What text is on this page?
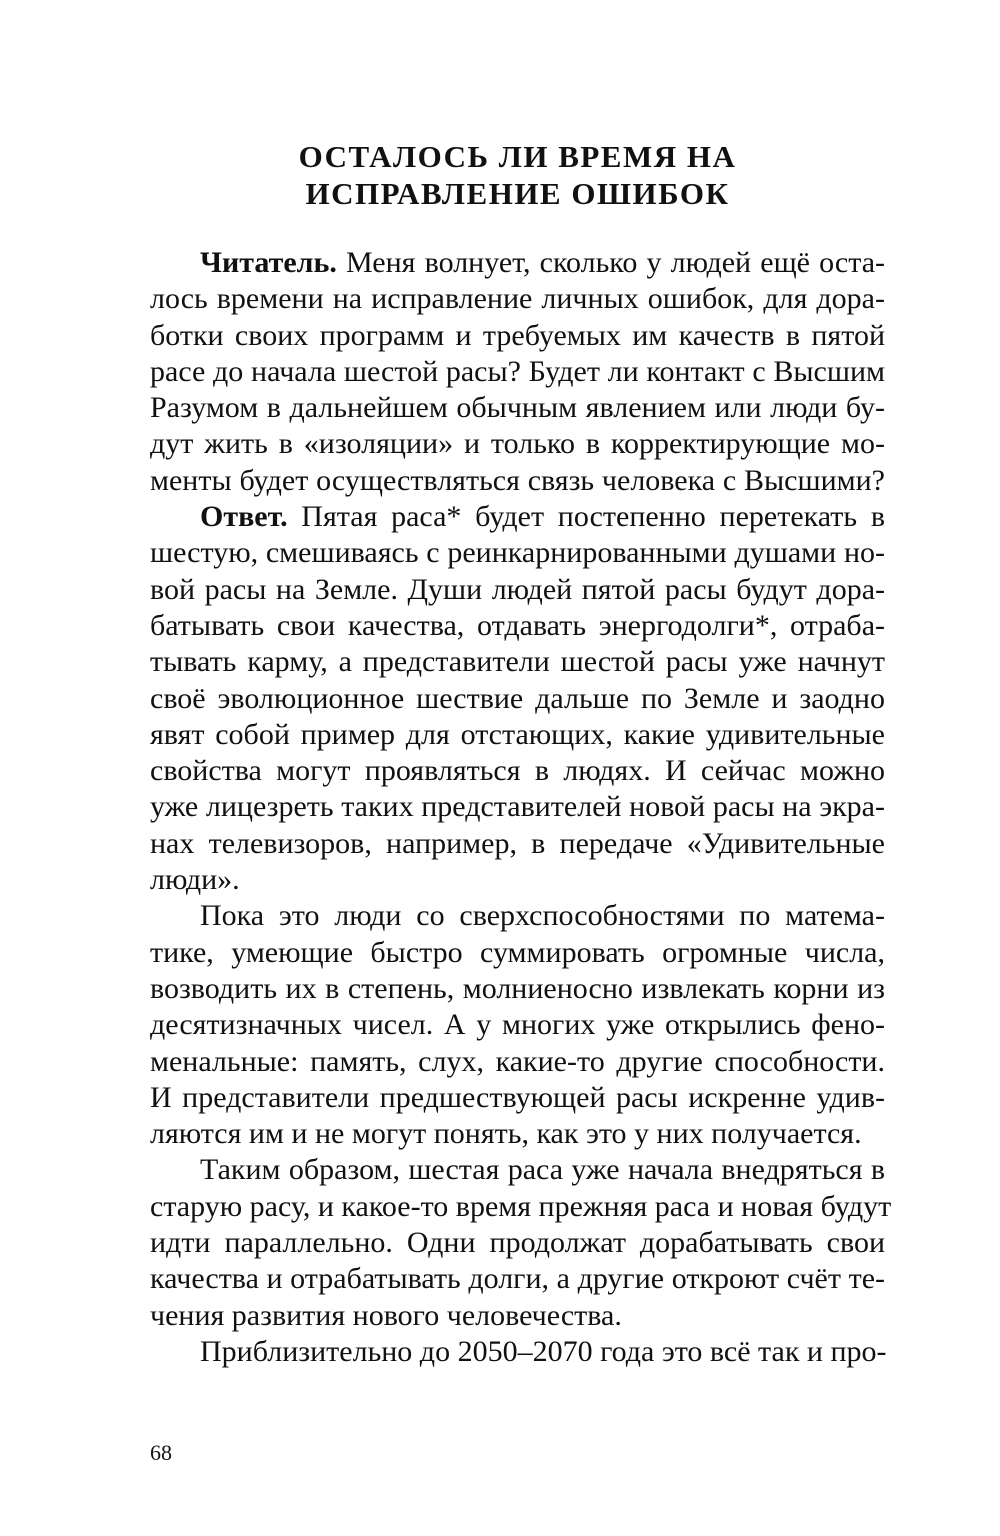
ОСТАЛОСЬ ЛИ ВРЕМЯ НА
ИСПРАВЛЕНИЕ ОШИБОК
Читатель. Меня волнует, сколько у людей ещё оста-
лось времени на исправление личных ошибок, для дора-
ботки своих программ и требуемых им качеств в пятой
расе до начала шестой расы? Будет ли контакт с Высшим
Разумом в дальнейшем обычным явлением или люди бу-
дут жить в «изоляции» и только в корректирующие мо-
менты будет осуществляться связь человека с Высшими?
Ответ. Пятая раса* будет постепенно перетекать в
шестую, смешиваясь с реинкарнированными душами но-
вой расы на Земле. Души людей пятой расы будут дора-
батывать свои качества, отдавать энергодолги*, отраба-
тывать карму, а представители шестой расы уже начнут
своё эволюционное шествие дальше по Земле и заодно
явят собой пример для отстающих, какие удивительные
свойства могут проявляться в людях. И сейчас можно
уже лицезреть таких представителей новой расы на экра-
нах телевизоров, например, в передаче «Удивительные
люди».
Пока это люди со сверхспособностями по матема-
тике, умеющие быстро суммировать огромные числа,
возводить их в степень, молниеносно извлекать корни из
десятизначных чисел. А у многих уже открылись фено-
менальные: память, слух, какие-то другие способности.
И представители предшествующей расы искренне удив-
ляются им и не могут понять, как это у них получается.
Таким образом, шестая раса уже начала внедряться в
старую расу, и какое-то время прежняя раса и новая будут
идти параллельно. Одни продолжат дорабатывать свои
качества и отрабатывать долги, а другие откроют счёт те-
чения развития нового человечества.
Приблизительно до 2050–2070 года это всё так и про-
68
